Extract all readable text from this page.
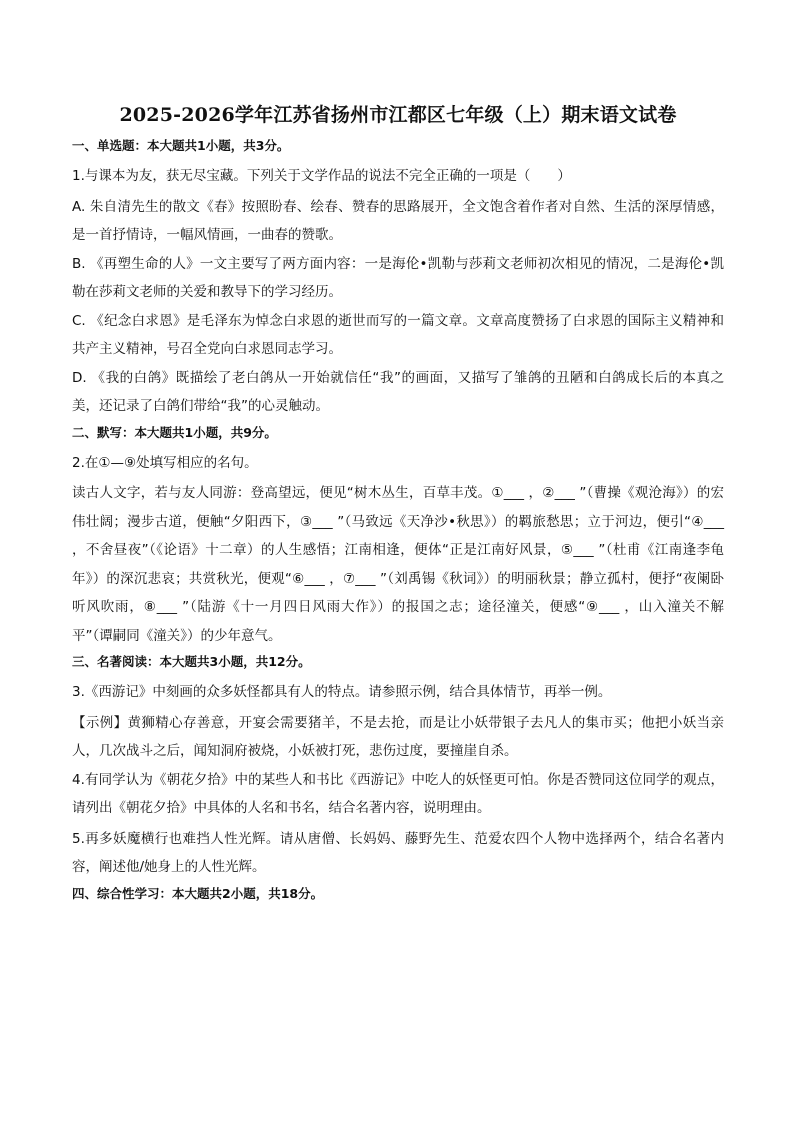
2025-2026学年江苏省扬州市江都区七年级（上）期末语文试卷
一、单选题：本大题共1小题，共3分。

1.与课本为友，获无尽宝藏。下列关于文学作品的说法不完全正确的一项是（　　）

A. 朱自清先生的散文《春》按照盼春、绘春、赞春的思路展开，全文饱含着作者对自然、生活的深厚情感，是一首抒情诗，一幅风情画，一曲春的赞歌。

B. 《再塑生命的人》一文主要写了两方面内容：一是海伦•凯勒与莎莉文老师初次相见的情况，二是海伦•凯勒在莎莉文老师的关爱和教导下的学习经历。

C. 《纪念白求恩》是毛泽东为悼念白求恩的逝世而写的一篇文章。文章高度赞扬了白求恩的国际主义精神和共产主义精神，号召全党向白求恩同志学习。

D. 《我的白鸽》既描绘了老白鸽从一开始就信任“我”的画面，又描写了雏鸽的丑陋和白鸽成长后的本真之美，还记录了白鸽们带给“我”的心灵触动。

二、默写：本大题共1小题，共9分。

2.在①—⑨处填写相应的名句。

读古人文字，若与友人同游：登高望远，便见“树木丛生，百草丰茂。①___ ，②___ ”（曹操《观沧海》）的宏伟壮阔；漫步古道，便触“夕阳西下，③___ ”（马致远《天净沙•秋思》）的羁旅愁思；立于河边，便引“④___ ，不舍昼夜”（《论语》十二章）的人生感悟；江南相逢，便体“正是江南好风景，⑤___ ”（杜甫《江南逢李龟年》）的深沉悲哀；共赏秋光，便观“⑥___ ，⑦___ ”（刘禹锡《秋词》）的明丽秋景；静立孤村，便抒“夜阑卧听风吹雨，⑧___ ”（陆游《十一月四日风雨大作》）的报国之志；途径潼关，便感“⑨___ ，山入潼关不解平”（谭嗣同《潼关》）的少年意气。

三、名著阅读：本大题共3小题，共12分。

3.《西游记》中刻画的众多妖怪都具有人的特点。请参照示例，结合具体情节，再举一例。

【示例】黄狮精心存善意，开宴会需要猪羊，不是去抢，而是让小妖带银子去凡人的集市买；他把小妖当亲人，几次战斗之后，闻知洞府被烧，小妖被打死，悲伤过度，要撞崖自杀。

4.有同学认为《朝花夕拾》中的某些人和书比《西游记》中吃人的妖怪更可怕。你是否赞同这位同学的观点，请列出《朝花夕拾》中具体的人名和书名，结合名著内容，说明理由。

5.再多妖魔横行也难挡人性光辉。请从唐僧、长妈妈、藤野先生、范爱农四个人物中选择两个，结合名著内容，阐述他/她身上的人性光辉。

四、综合性学习：本大题共2小题，共18分。
